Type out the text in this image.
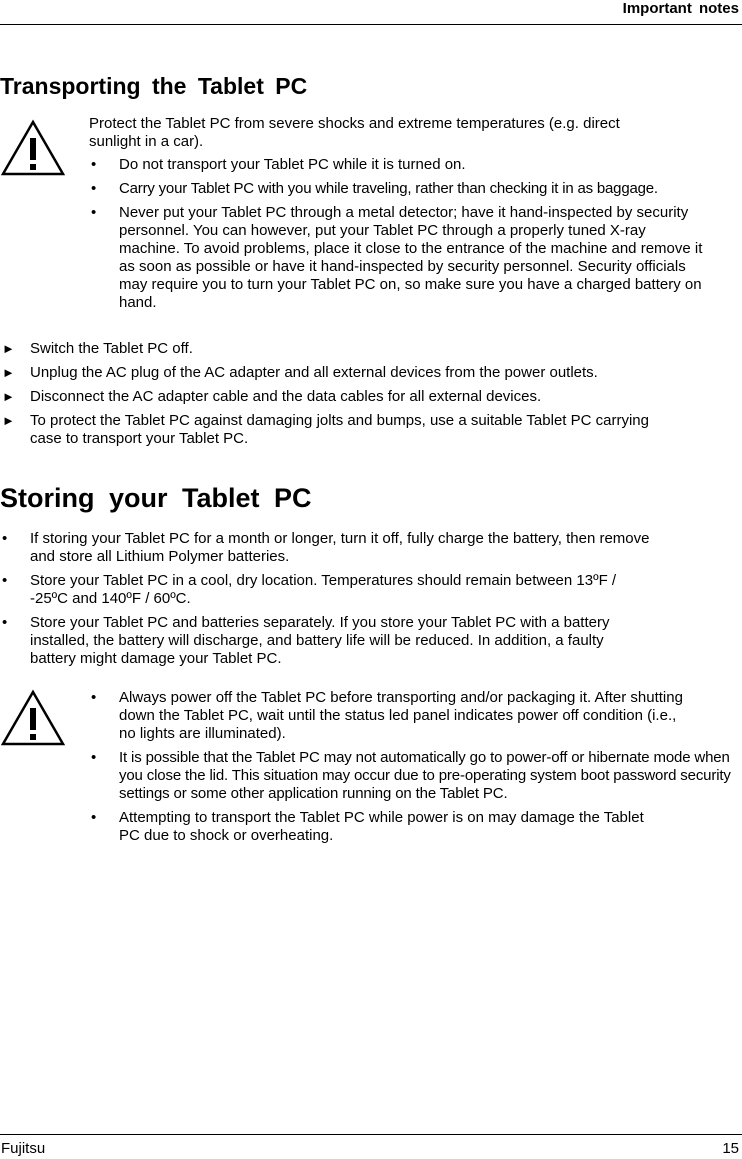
Important notes
Transporting the Tablet PC

Protect the Tablet PC from severe shocks and extreme temperatures (e.g. direct sunlight in a car).

• Do not transport your Tablet PC while it is turned on.
• Carry your Tablet PC with you while traveling, rather than checking it in as baggage.
• Never put your Tablet PC through a metal detector; have it hand-inspected by security personnel. You can however, put your Tablet PC through a properly tuned X-ray machine. To avoid problems, place it close to the entrance of the machine and remove it as soon as possible or have it hand-inspected by security personnel. Security officials may require you to turn your Tablet PC on, so make sure you have a charged battery on hand.
► Switch the Tablet PC off.
► Unplug the AC plug of the AC adapter and all external devices from the power outlets.
► Disconnect the AC adapter cable and the data cables for all external devices.
► To protect the Tablet PC against damaging jolts and bumps, use a suitable Tablet PC carrying case to transport your Tablet PC.
Storing your Tablet PC
• If storing your Tablet PC for a month or longer, turn it off, fully charge the battery, then remove and store all Lithium Polymer batteries.
• Store your Tablet PC in a cool, dry location. Temperatures should remain between 13ºF / -25ºC and 140ºF / 60ºC.
• Store your Tablet PC and batteries separately. If you store your Tablet PC with a battery installed, the battery will discharge, and battery life will be reduced. In addition, a faulty battery might damage your Tablet PC.
• Always power off the Tablet PC before transporting and/or packaging it. After shutting down the Tablet PC, wait until the status led panel indicates power off condition (i.e., no lights are illuminated).
• It is possible that the Tablet PC may not automatically go to power-off or hibernate mode when you close the lid. This situation may occur due to pre-operating system boot password security settings or some other application running on the Tablet PC.
• Attempting to transport the Tablet PC while power is on may damage the Tablet PC due to shock or overheating.
Fujitsu	15
